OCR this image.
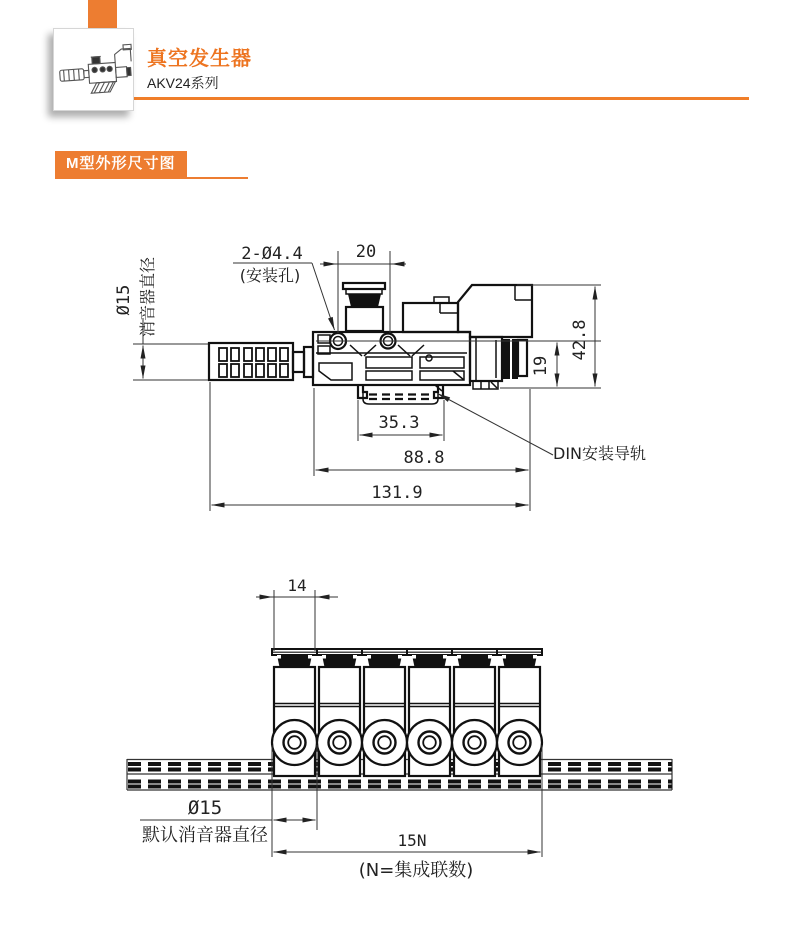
真空发生器
AKV24系列
M型外形尺寸图
Ø15 消音器直径
20
2-Ø4.4
(安装孔)
42.8
19
35.3
88.8
131.9
DIN安装导轨
14
Ø15
默认消音器直径	15N
(N=集成联数)
